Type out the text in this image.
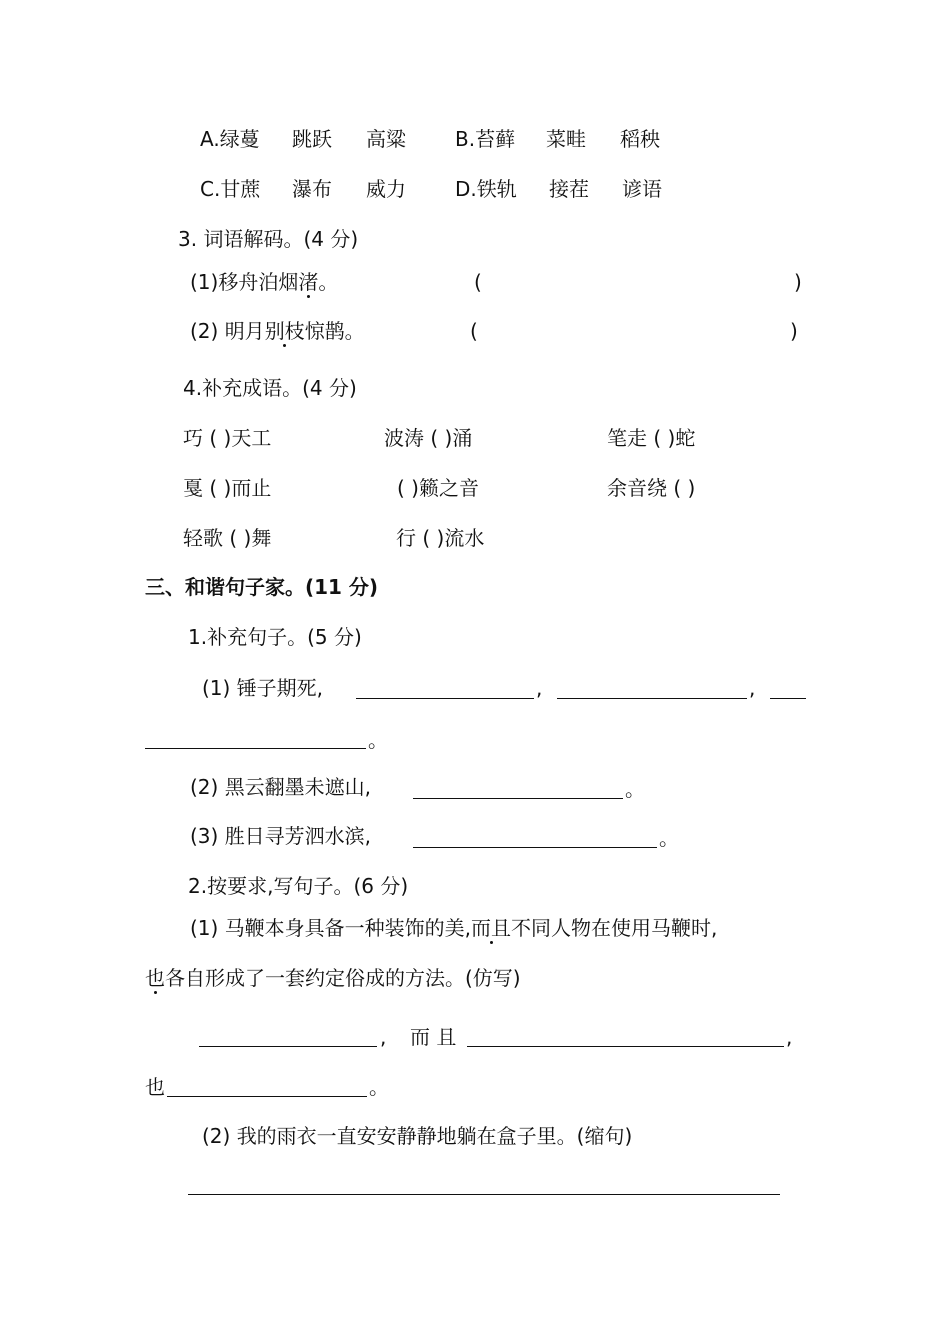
A.绿蔓 跳跃 高粱 B.苔藓 菜畦 稻秧
C.甘蔗 瀑布 威力 D.铁轨 接茬 谚语
3. 词语解码。(4 分)
(1)移舟泊烟渚。	(	)
(2) 明月别枝惊鹊。	(	)
4.补充成语。(4 分)
巧 ( )天工	波涛 ( )涌	笔走 ( )蛇
戛 ( )而止	( )籁之音	余音绕 ( )
轻歌 ( )舞	行 ( )流水
三、和谐句子家。(11 分)
1.补充句子。(5 分)
(1) 锤子期死,	,	,
。
(2) 黑云翻墨未遮山,	。
(3) 胜日寻芳泗水滨,	。
2.按要求,写句子。(6 分)
(1) 马鞭本身具备一种装饰的美,而且不同人物在使用马鞭时,
也各自形成了一套约定俗成的方法。(仿写)
, 而 且	,
也	。
(2) 我的雨衣一直安安静静地躺在盒子里。(缩句)
